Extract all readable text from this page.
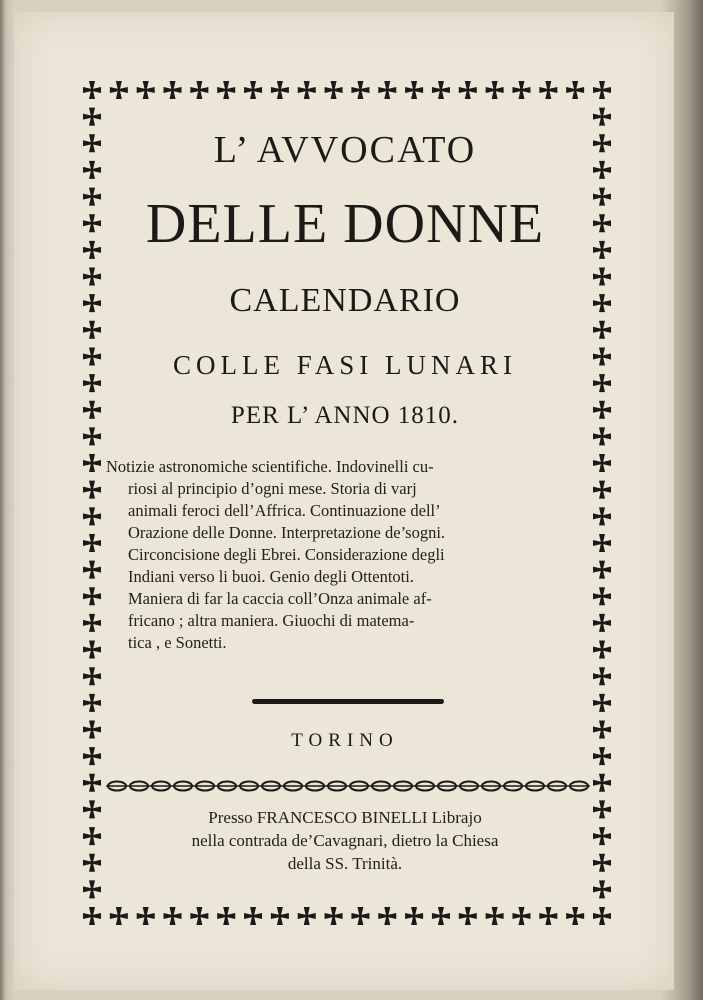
L’ AVVOCATO
DELLE DONNE
CALENDARIO
COLLE FASI LUNARI
PER L’ ANNO 1810.
Notizie astronomiche scientifiche. Indovinelli cu-
riosi al principio d’ogni mese. Storia di varj
animali feroci dell’Affrica. Continuazione dell’
Orazione delle Donne. Interpretazione de’sogni.
Circoncisione degli Ebrei. Considerazione degli
Indiani verso li buoi. Genio degli Ottentoti.
Maniera di far la caccia coll’Onza animale af-
fricano ; altra maniera. Giuochi di matema-
tica , e Sonetti.
TORINO
Presso FRANCESCO BINELLI Librajo
nella contrada de’Cavagnari, dietro la Chiesa
della SS. Trinità.
